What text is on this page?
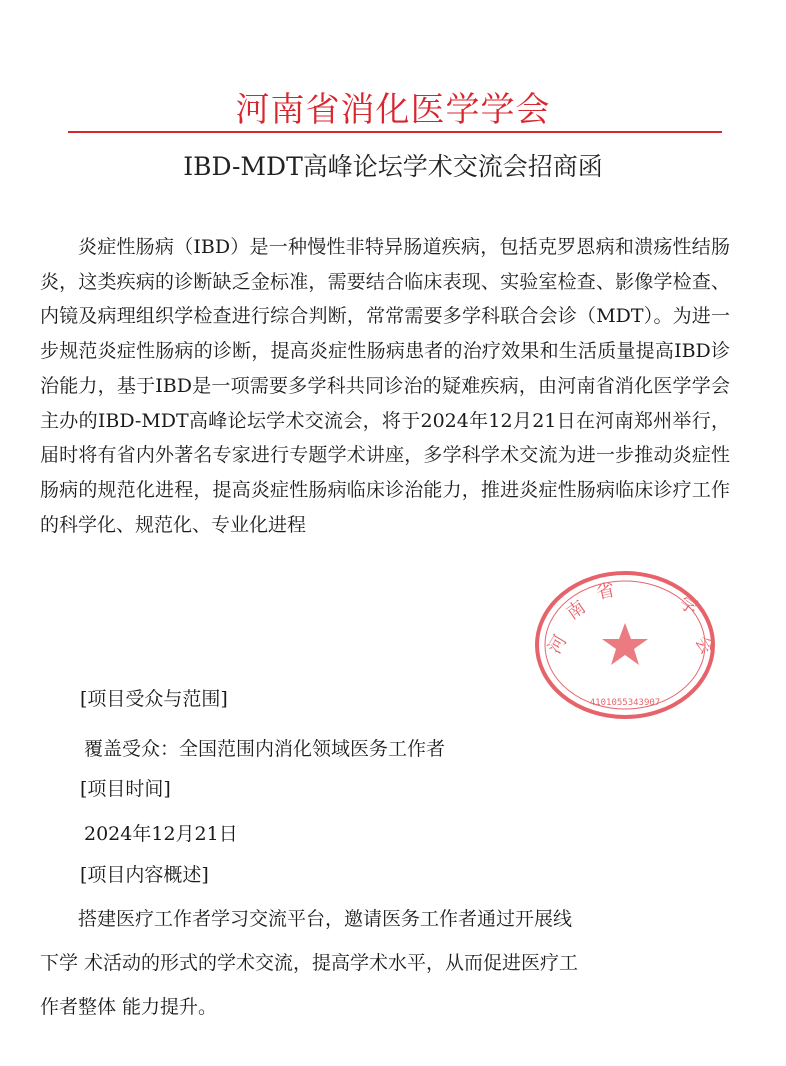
河南省消化医学学会
IBD-MDT高峰论坛学术交流会招商函

炎症性肠病（IBD）是一种慢性非特异肠道疾病，包括克罗恩病和溃疡性结肠炎，这类疾病的诊断缺乏金标准，需要结合临床表现、实验室检查、影像学检查、内镜及病理组织学检查进行综合判断，常常需要多学科联合会诊（MDT）。为进一步规范炎症性肠病的诊断，提高炎症性肠病患者的治疗效果和生活质量提高IBD诊治能力，基于IBD是一项需要多学科共同诊治的疑难疾病，由河南省消化医学学会主办的IBD-MDT高峰论坛学术交流会，将于2024年12月21日在河南郑州举行，届时将有省内外著名专家进行专题学术讲座，多学科学术交流为进一步推动炎症性肠病的规范化进程，提高炎症性肠病临床诊治能力，推进炎症性肠病临床诊疗工作的科学化、规范化、专业化进程

[项目受众与范围]
覆盖受众：全国范围内消化领域医务工作者
[项目时间]
2024年12月21日
[项目内容概述]
搭建医疗工作者学习交流平台，邀请医务工作者通过开展线
下学 术活动的形式的学术交流，提高学术水平，从而促进医疗工
作者整体 能力提升。
河
南
省
学
会
4101055343907
